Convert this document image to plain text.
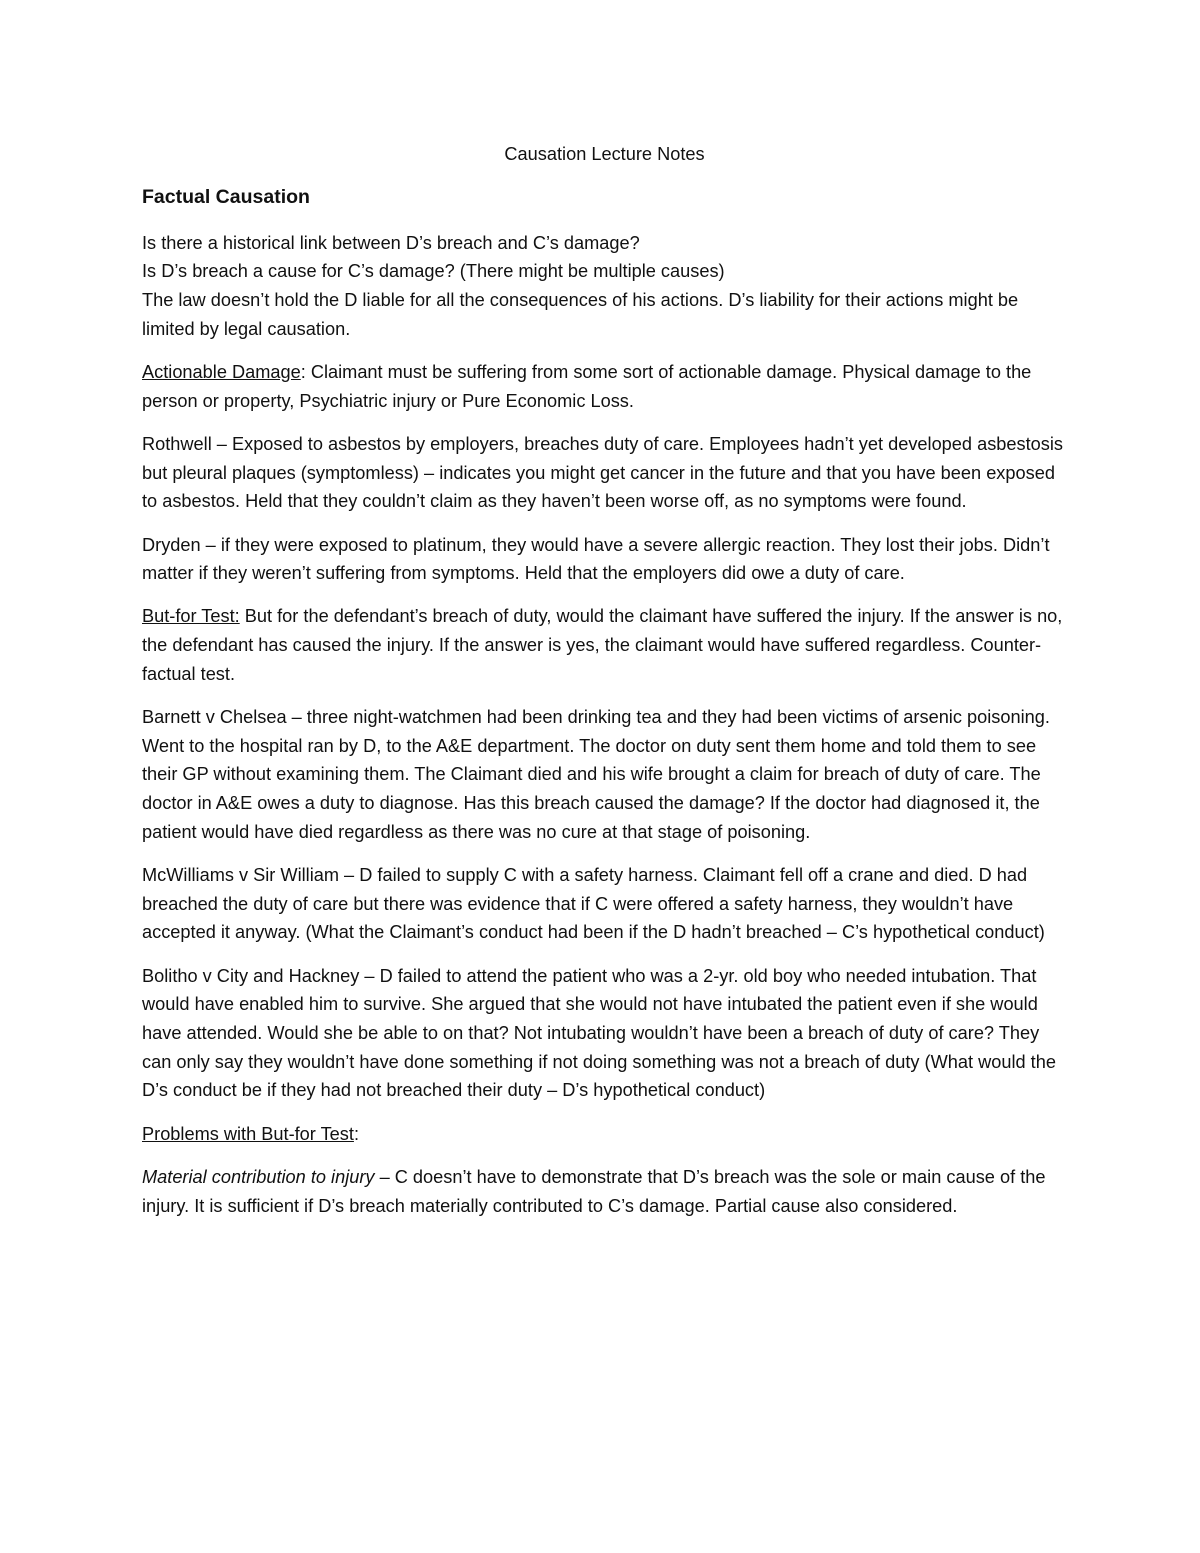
Causation Lecture Notes
Factual Causation
Is there a historical link between D’s breach and C’s damage?
Is D’s breach a cause for C’s damage? (There might be multiple causes)
The law doesn’t hold the D liable for all the consequences of his actions. D’s liability for their actions might be limited by legal causation.
Actionable Damage: Claimant must be suffering from some sort of actionable damage. Physical damage to the person or property, Psychiatric injury or Pure Economic Loss.
Rothwell – Exposed to asbestos by employers, breaches duty of care. Employees hadn’t yet developed asbestosis but pleural plaques (symptomless) – indicates you might get cancer in the future and that you have been exposed to asbestos. Held that they couldn’t claim as they haven’t been worse off, as no symptoms were found.
Dryden – if they were exposed to platinum, they would have a severe allergic reaction. They lost their jobs. Didn’t matter if they weren’t suffering from symptoms. Held that the employers did owe a duty of care.
But-for Test: But for the defendant’s breach of duty, would the claimant have suffered the injury. If the answer is no, the defendant has caused the injury. If the answer is yes, the claimant would have suffered regardless. Counter-factual test.
Barnett v Chelsea – three night-watchmen had been drinking tea and they had been victims of arsenic poisoning. Went to the hospital ran by D, to the A&E department. The doctor on duty sent them home and told them to see their GP without examining them. The Claimant died and his wife brought a claim for breach of duty of care. The doctor in A&E owes a duty to diagnose. Has this breach caused the damage? If the doctor had diagnosed it, the patient would have died regardless as there was no cure at that stage of poisoning.
McWilliams v Sir William – D failed to supply C with a safety harness. Claimant fell off a crane and died. D had breached the duty of care but there was evidence that if C were offered a safety harness, they wouldn’t have accepted it anyway. (What the Claimant’s conduct had been if the D hadn’t breached – C’s hypothetical conduct)
Bolitho v City and Hackney – D failed to attend the patient who was a 2-yr. old boy who needed intubation. That would have enabled him to survive. She argued that she would not have intubated the patient even if she would have attended. Would she be able to on that? Not intubating wouldn’t have been a breach of duty of care? They can only say they wouldn’t have done something if not doing something was not a breach of duty (What would the D’s conduct be if they had not breached their duty – D’s hypothetical conduct)
Problems with But-for Test:
Material contribution to injury – C doesn’t have to demonstrate that D’s breach was the sole or main cause of the injury. It is sufficient if D’s breach materially contributed to C’s damage. Partial cause also considered.
